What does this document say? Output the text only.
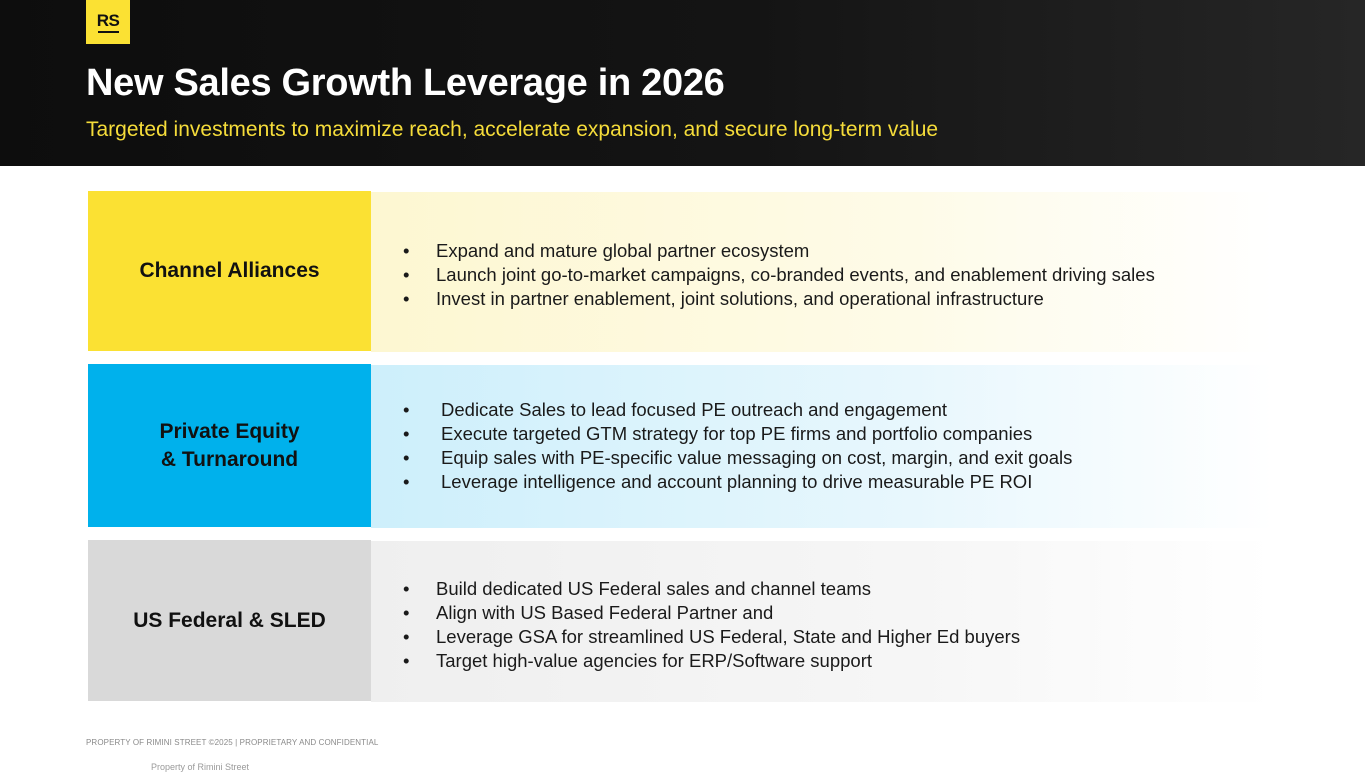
RS
New Sales Growth Leverage in 2026
Targeted investments to maximize reach, accelerate expansion, and secure long-term value
Channel Alliances
•	Expand and mature global partner ecosystem
•	Launch joint go-to-market campaigns, co-branded events, and enablement driving sales
•	Invest in partner enablement, joint solutions, and operational infrastructure
Private Equity
& Turnaround
•	Dedicate Sales to lead focused PE outreach and engagement
•	Execute targeted GTM strategy for top PE firms and portfolio companies
•	Equip sales with PE-specific value messaging on cost, margin, and exit goals
•	Leverage intelligence and account planning to drive measurable PE ROI
US Federal & SLED
•	Build dedicated US Federal sales and channel teams
•	Align with US Based Federal Partner and
•	Leverage GSA for streamlined US Federal, State and Higher Ed buyers
•	Target high-value agencies for ERP/Software support
PROPERTY OF RIMINI STREET ©2025 | PROPRIETARY AND CONFIDENTIAL
Property of Rimini Street
